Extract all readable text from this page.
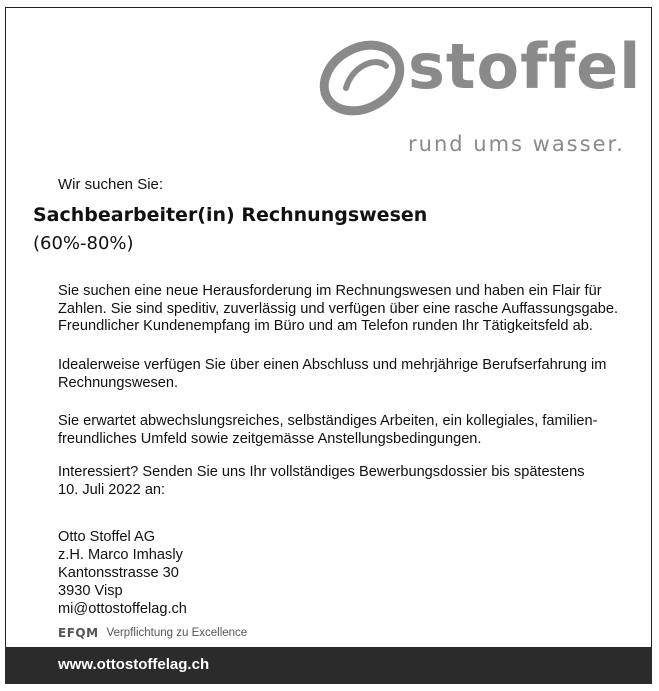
stoffel
rund ums wasser.
Wir suchen Sie:
Sachbearbeiter(in) Rechnungswesen
(60%-80%)
Sie suchen eine neue Herausforderung im Rechnungswesen und haben ein Flair für
Zahlen. Sie sind speditiv, zuverlässig und verfügen über eine rasche Auffassungsgabe.
Freundlicher Kundenempfang im Büro und am Telefon runden Ihr Tätigkeitsfeld ab.
Idealerweise verfügen Sie über einen Abschluss und mehrjährige Berufserfahrung im
Rechnungswesen.
Sie erwartet abwechslungsreiches, selbständiges Arbeiten, ein kollegiales, familien-
freundliches Umfeld sowie zeitgemässe Anstellungsbedingungen.
Interessiert? Senden Sie uns Ihr vollständiges Bewerbungsdossier bis spätestens
10. Juli 2022 an:
Otto Stoffel AG
z.H. Marco Imhasly
Kantonsstrasse 30
3930 Visp
mi@ottostoffelag.ch
EFQM Verpflichtung zu Excellence
www.ottostoffelag.ch
